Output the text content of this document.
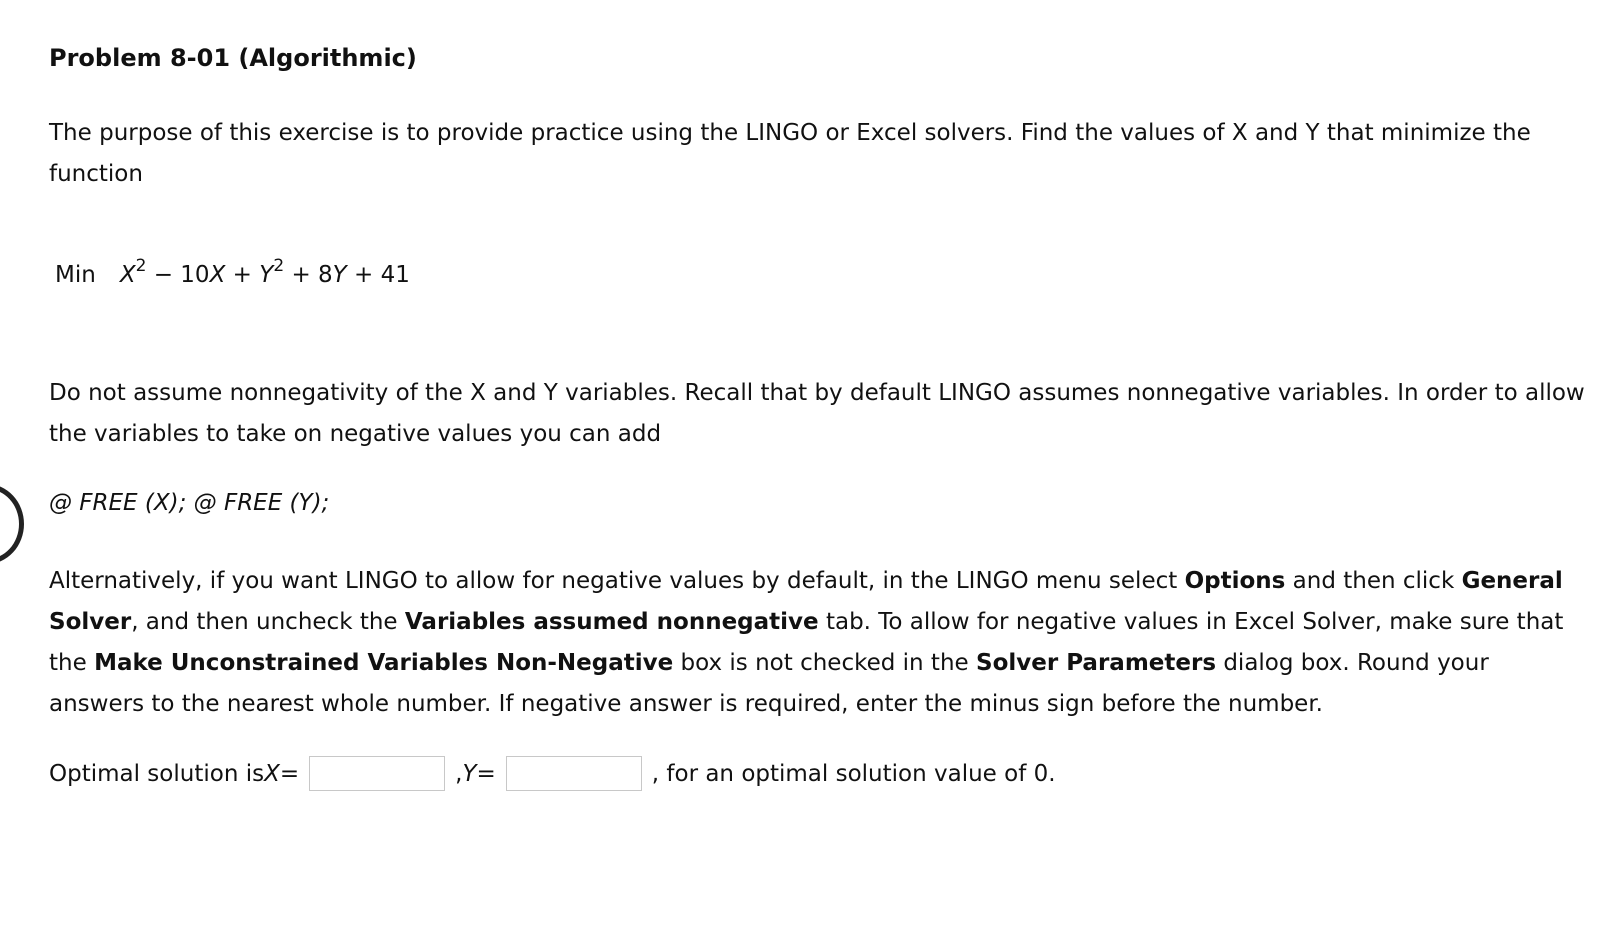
Problem 8-01 (Algorithmic)

The purpose of this exercise is to provide practice using the LINGO or Excel solvers. Find the values of X and Y that minimize the function

Min $X^2 - 10X + Y^2 + 8Y + 41$

Do not assume nonnegativity of the X and Y variables. Recall that by default LINGO assumes nonnegative variables. In order to allow the variables to take on negative values you can add

@ FREE (X); @ FREE (Y);

Alternatively, if you want LINGO to allow for negative values by default, in the LINGO menu select Options and then click General Solver, and then uncheck the Variables assumed nonnegative tab. To allow for negative values in Excel Solver, make sure that the Make Unconstrained Variables Non-Negative box is not checked in the Solver Parameters dialog box. Round your answers to the nearest whole number. If negative answer is required, enter the minus sign before the number.

Optimal solution is X =	, Y =	, for an optimal solution value of 0.
